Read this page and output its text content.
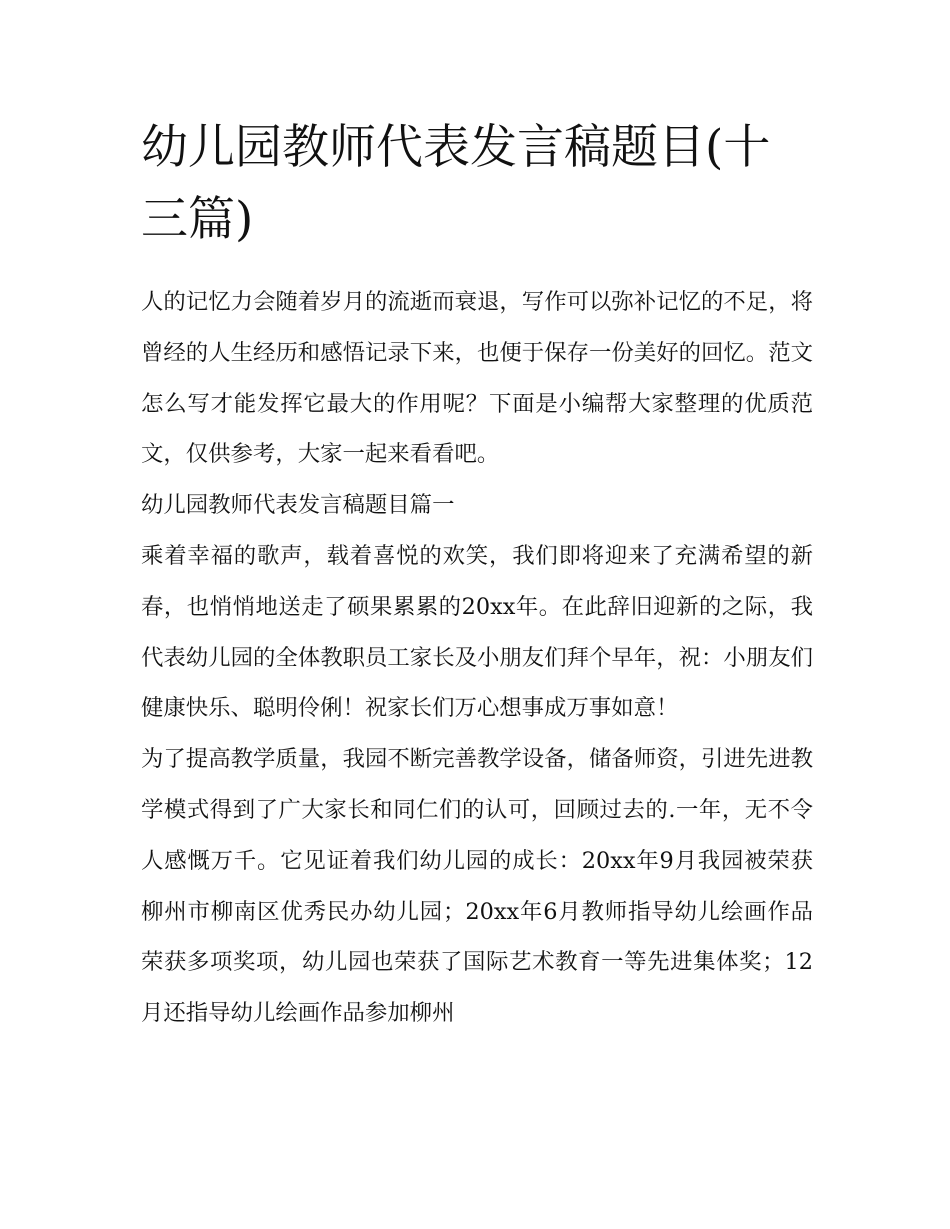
幼儿园教师代表发言稿题目(十三篇)

人的记忆力会随着岁月的流逝而衰退，写作可以弥补记忆的不足，将曾经的人生经历和感悟记录下来，也便于保存一份美好的回忆。范文怎么写才能发挥它最大的作用呢？下面是小编帮大家整理的优质范文，仅供参考，大家一起来看看吧。

幼儿园教师代表发言稿题目篇一

乘着幸福的歌声，载着喜悦的欢笑，我们即将迎来了充满希望的新春，也悄悄地送走了硕果累累的20xx年。在此辞旧迎新的之际，我代表幼儿园的全体教职员工家长及小朋友们拜个早年，祝：小朋友们健康快乐、聪明伶俐！祝家长们万心想事成万事如意！

为了提高教学质量，我园不断完善教学设备，储备师资，引进先进教学模式得到了广大家长和同仁们的认可，回顾过去的.一年，无不令人感慨万千。它见证着我们幼儿园的成长：20xx年9月我园被荣获柳州市柳南区优秀民办幼儿园；20xx年6月教师指导幼儿绘画作品荣获多项奖项，幼儿园也荣获了国际艺术教育一等先进集体奖；12月还指导幼儿绘画作品参加柳州
